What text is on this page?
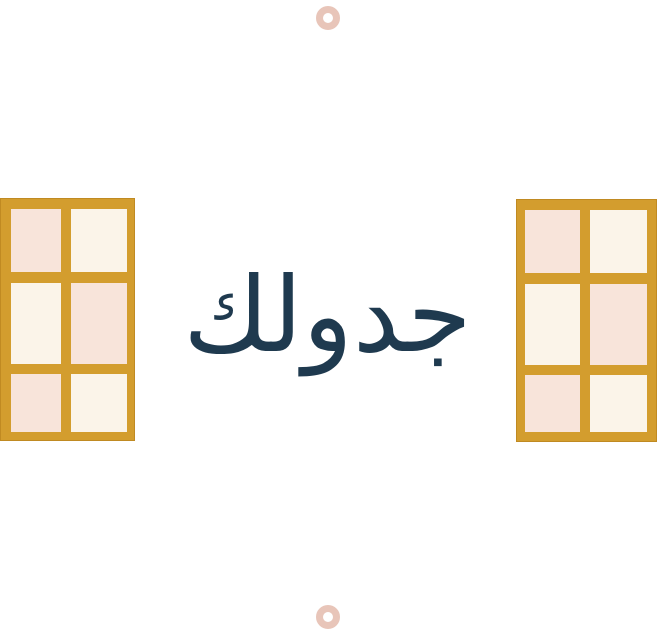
جدولك
